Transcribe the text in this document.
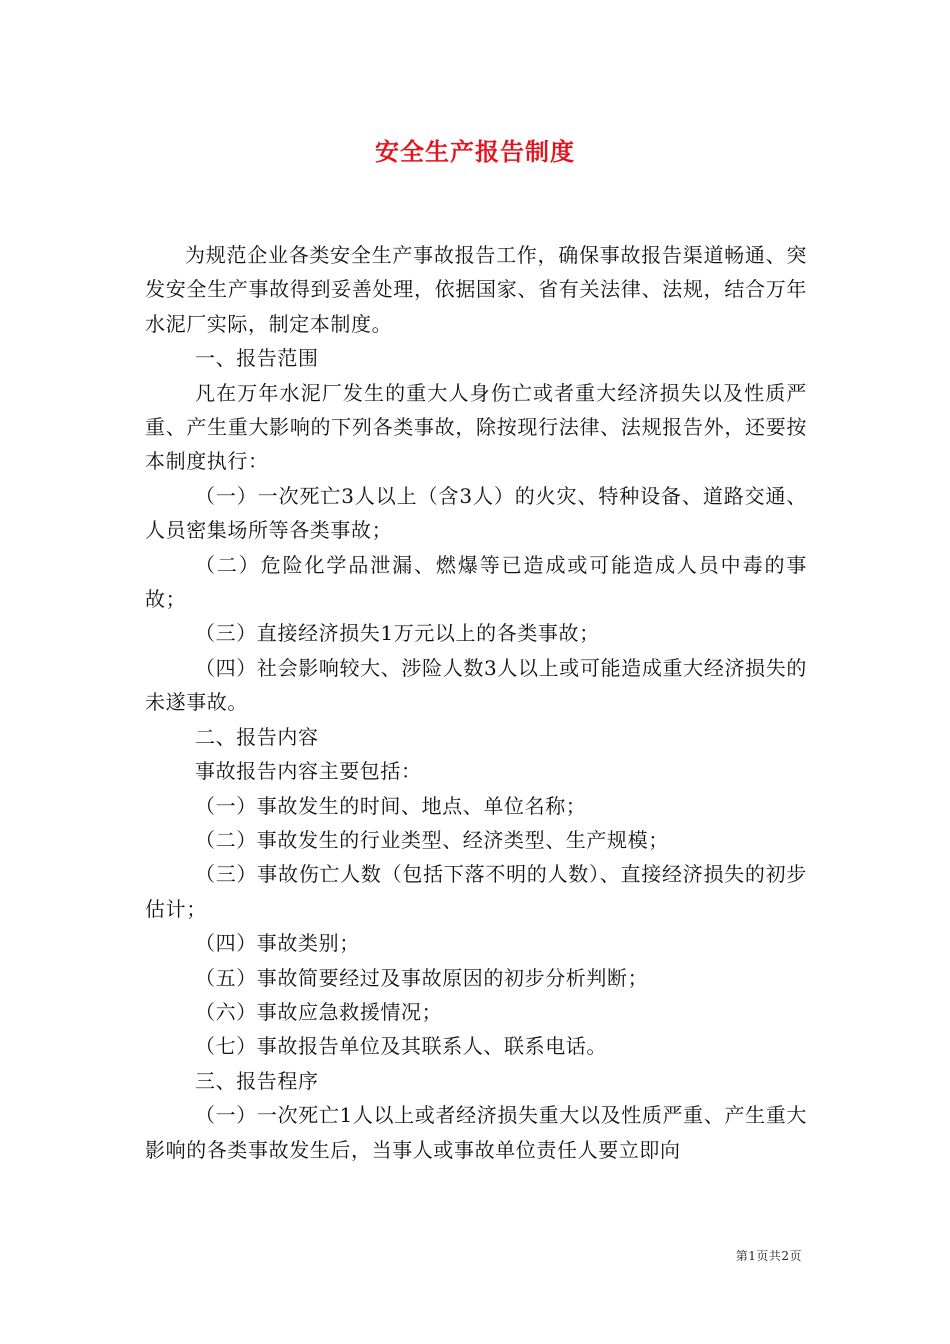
安全生产报告制度

为规范企业各类安全生产事故报告工作，确保事故报告渠道畅通、突发安全生产事故得到妥善处理，依据国家、省有关法律、法规，结合万年水泥厂实际，制定本制度。

一、报告范围

凡在万年水泥厂发生的重大人身伤亡或者重大经济损失以及性质严重、产生重大影响的下列各类事故，除按现行法律、法规报告外，还要按本制度执行：

（一）一次死亡3人以上（含3人）的火灾、特种设备、道路交通、人员密集场所等各类事故；

（二）危险化学品泄漏、燃爆等已造成或可能造成人员中毒的事故；

（三）直接经济损失1万元以上的各类事故；

（四）社会影响较大、涉险人数3人以上或可能造成重大经济损失的未遂事故。

二、报告内容

事故报告内容主要包括：

（一）事故发生的时间、地点、单位名称；

（二）事故发生的行业类型、经济类型、生产规模；

（三）事故伤亡人数（包括下落不明的人数）、直接经济损失的初步估计；

（四）事故类别；

（五）事故简要经过及事故原因的初步分析判断；

（六）事故应急救援情况；

（七）事故报告单位及其联系人、联系电话。

三、报告程序

（一）一次死亡1人以上或者经济损失重大以及性质严重、产生重大影响的各类事故发生后，当事人或事故单位责任人要立即向

第1页共2页
